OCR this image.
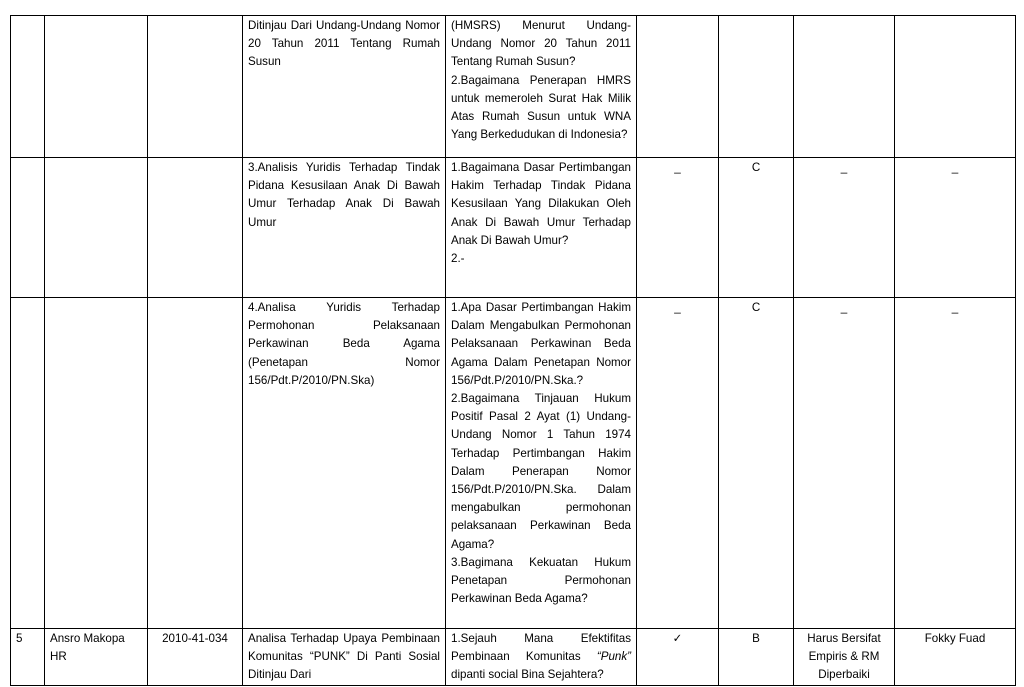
			Ditinjau Dari Undang-Undang Nomor 20 Tahun 2011 Tentang Rumah Susun	(HMSRS) Menurut Undang-Undang Nomor 20 Tahun 2011 Tentang Rumah Susun?
2.Bagaimana Penerapan HMRS untuk memeroleh Surat Hak Milik Atas Rumah Susun untuk WNA Yang Berkedudukan di Indonesia?				

			3.Analisis Yuridis Terhadap Tindak Pidana Kesusilaan Anak Di Bawah Umur Terhadap Anak Di Bawah Umur	1.Bagaimana Dasar Pertimbangan Hakim Terhadap Tindak Pidana Kesusilaan Yang Dilakukan Oleh Anak Di Bawah Umur Terhadap Anak Di Bawah Umur?
2.-	_	C	_	_
			4.Analisa Yuridis Terhadap Permohonan Pelaksanaan Perkawinan Beda Agama (Penetapan Nomor 156/Pdt.P/2010/PN.Ska)	1.Apa Dasar Pertimbangan Hakim Dalam Mengabulkan Permohonan Pelaksanaan Perkawinan Beda Agama Dalam Penetapan Nomor 156/Pdt.P/2010/PN.Ska.?
2.Bagaimana Tinjauan Hukum Positif Pasal 2 Ayat (1) Undang-Undang Nomor 1 Tahun 1974 Terhadap Pertimbangan Hakim Dalam Penerapan Nomor 156/Pdt.P/2010/PN.Ska. Dalam mengabulkan permohonan pelaksanaan Perkawinan Beda Agama?
3.Bagimana Kekuatan Hukum Penetapan Permohonan Perkawinan Beda Agama?	_	C	_	_
5	Ansro Makopa HR	2010-41-034	Analisa Terhadap Upaya Pembinaan Komunitas “PUNK” Di Panti Sosial Ditinjau Dari	1.Sejauh Mana Efektifitas Pembinaan Komunitas “Punk” dipanti social Bina Sejahtera?	✓	B	Harus Bersifat Empiris & RM Diperbaiki	Fokky Fuad
